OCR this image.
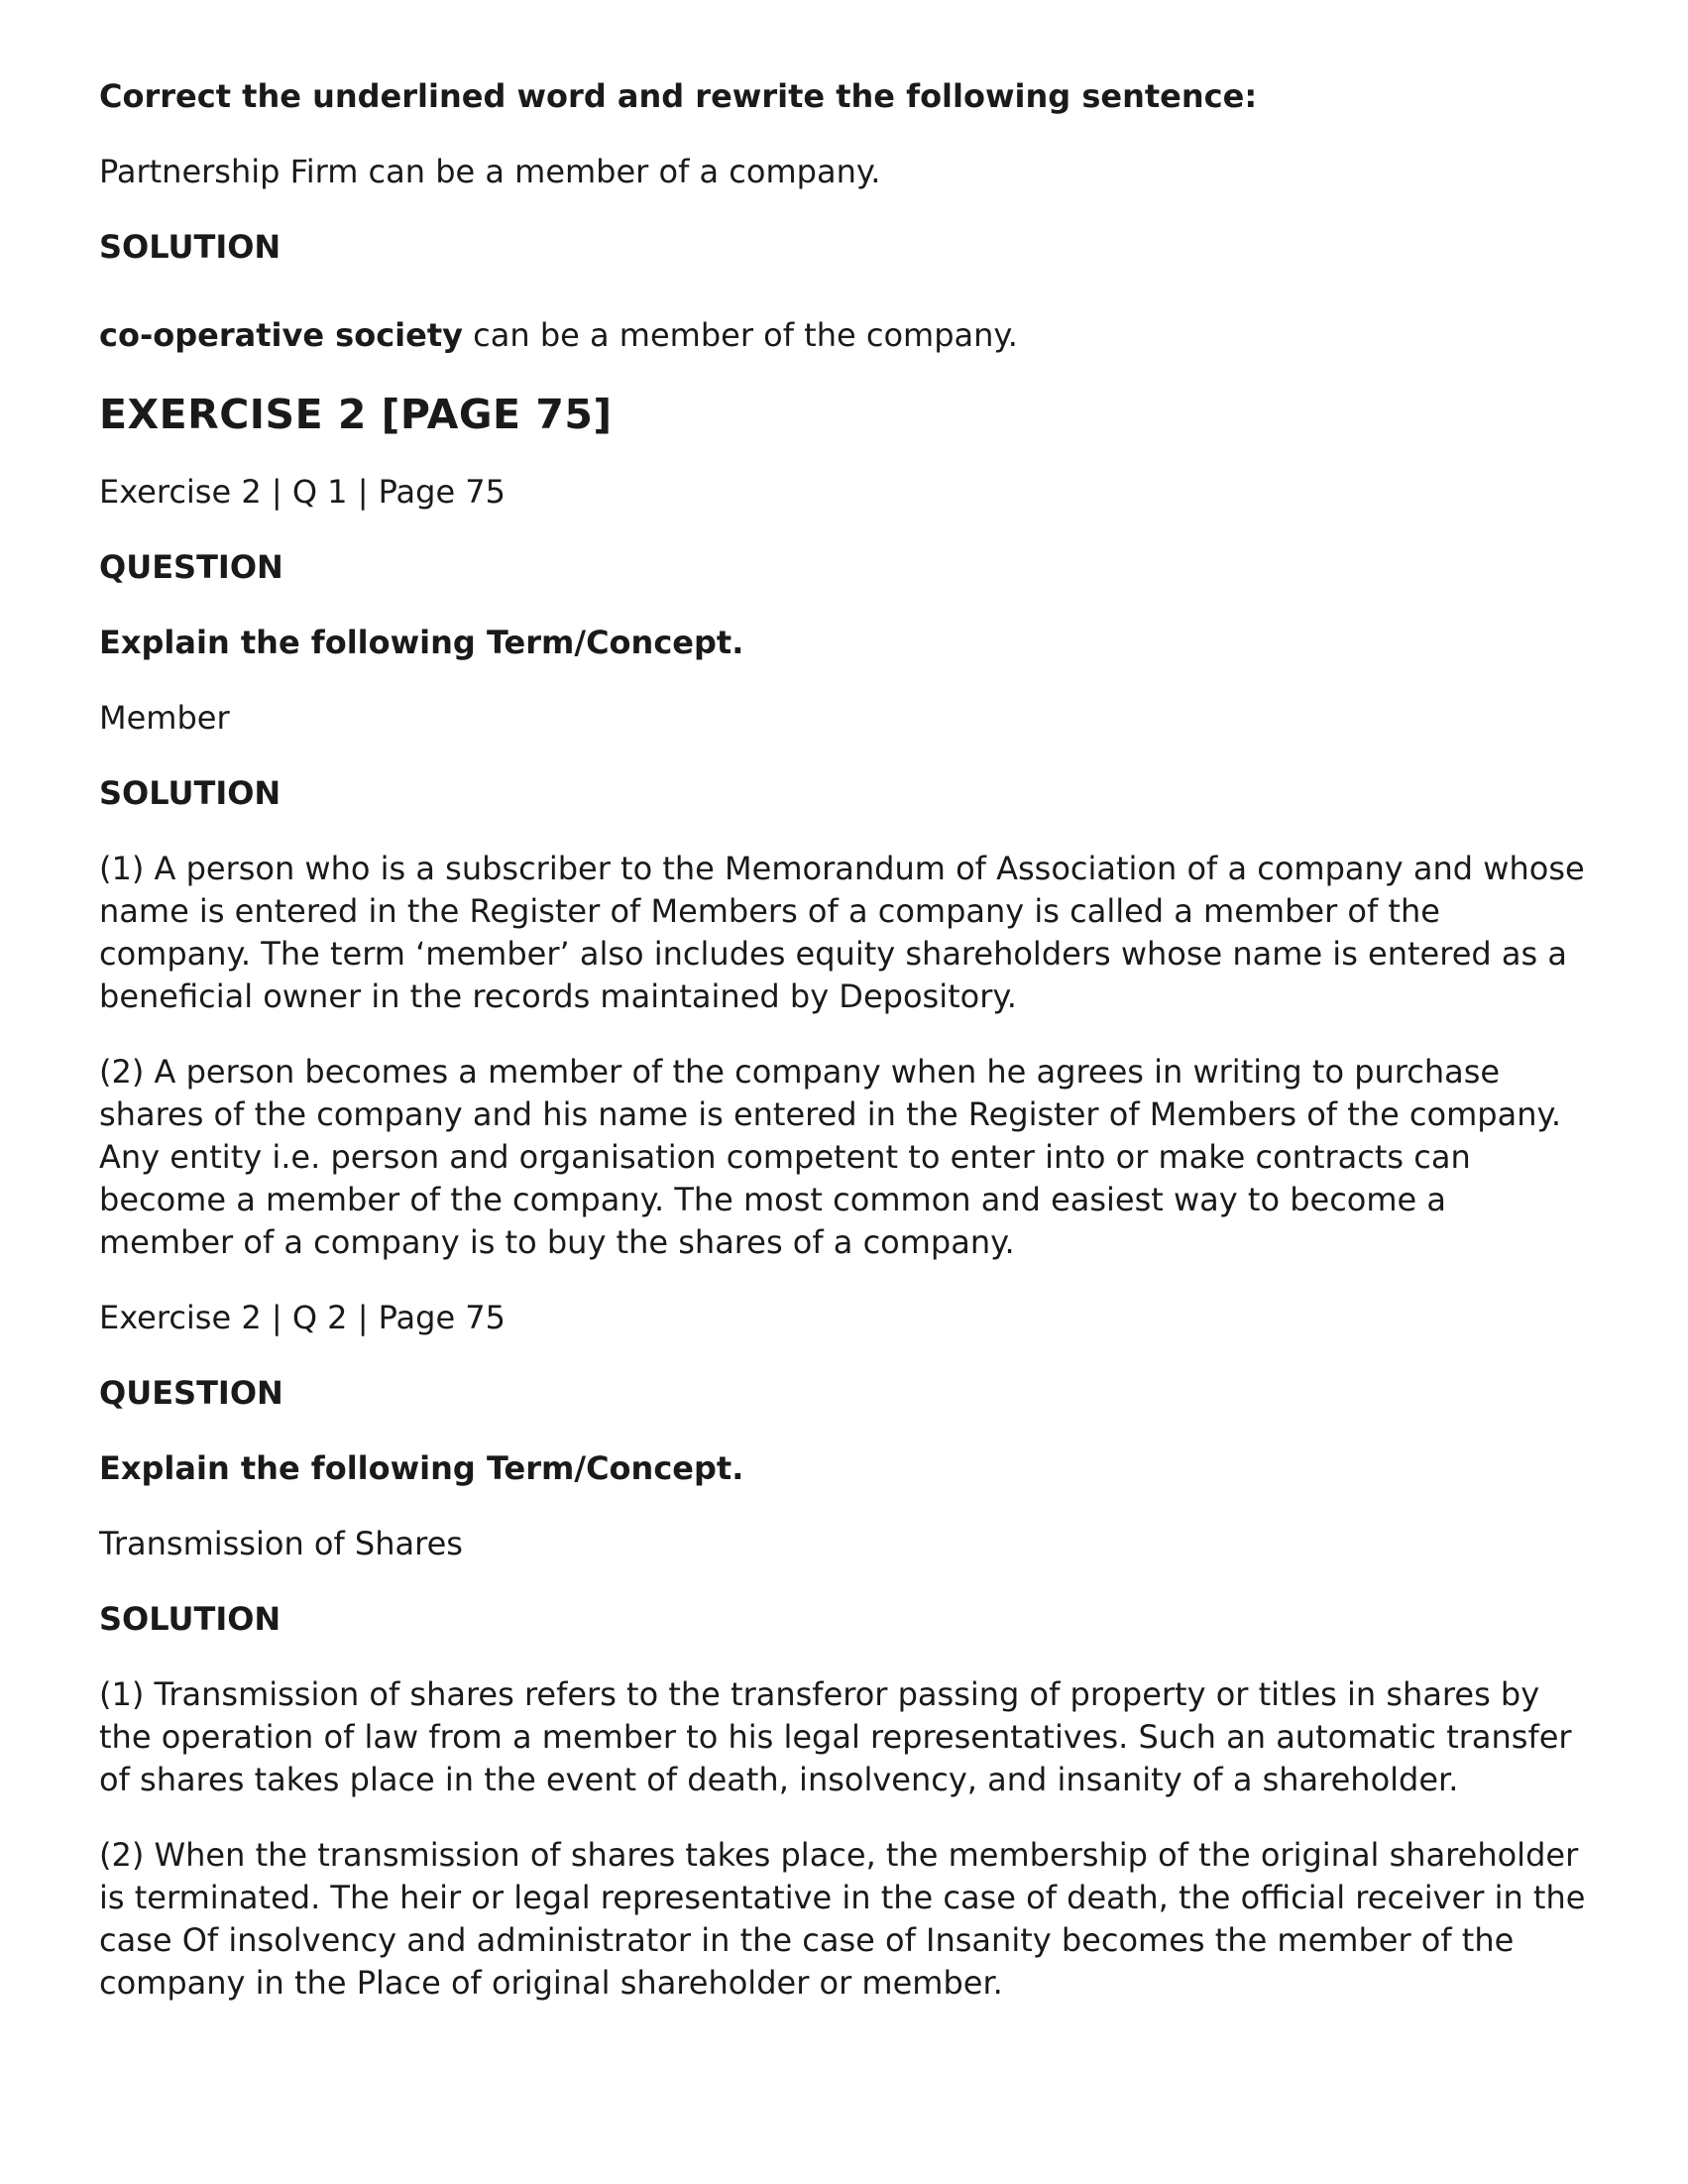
Correct the underlined word and rewrite the following sentence:

Partnership Firm can be a member of a company.

SOLUTION

co-operative society can be a member of the company.

EXERCISE 2 [PAGE 75]

Exercise 2 | Q 1 | Page 75

QUESTION

Explain the following Term/Concept.

Member

SOLUTION

(1) A person who is a subscriber to the Memorandum of Association of a company and whose name is entered in the Register of Members of a company is called a member of the company. The term ‘member’ also includes equity shareholders whose name is entered as a beneficial owner in the records maintained by Depository.

(2) A person becomes a member of the company when he agrees in writing to purchase shares of the company and his name is entered in the Register of Members of the company. Any entity i.e. person and organisation competent to enter into or make contracts can become a member of the company. The most common and easiest way to become a member of a company is to buy the shares of a company.

Exercise 2 | Q 2 | Page 75

QUESTION

Explain the following Term/Concept.

Transmission of Shares

SOLUTION

(1) Transmission of shares refers to the transferor passing of property or titles in shares by the operation of law from a member to his legal representatives. Such an automatic transfer of shares takes place in the event of death, insolvency, and insanity of a shareholder.

(2) When the transmission of shares takes place, the membership of the original shareholder is terminated. The heir or legal representative in the case of death, the official receiver in the case Of insolvency and administrator in the case of Insanity becomes the member of the company in the Place of original shareholder or member.
